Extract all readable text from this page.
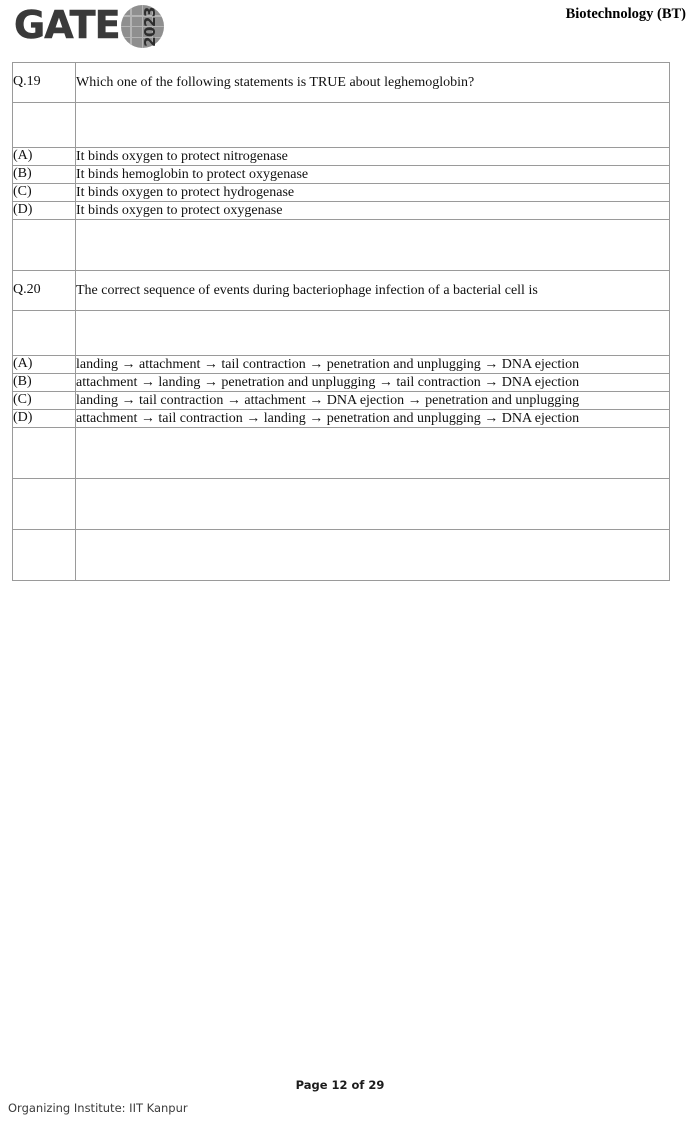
GATE	2023	Biotechnology (BT)
Q.19	Which one of the following statements is TRUE about leghemoglobin?

(A)	It binds oxygen to protect nitrogenase
(B)	It binds hemoglobin to protect oxygenase
(C)	It binds oxygen to protect hydrogenase
(D)	It binds oxygen to protect oxygenase

Q.20	The correct sequence of events during bacteriophage infection of a bacterial cell is

(A)	landing → attachment → tail contraction → penetration and unplugging → DNA ejection
(B)	attachment → landing → penetration and unplugging → tail contraction → DNA ejection
(C)	landing → tail contraction → attachment → DNA ejection → penetration and unplugging
(D)	attachment → tail contraction → landing → penetration and unplugging → DNA ejection

Page 12 of 29
Organizing Institute: IIT Kanpur
